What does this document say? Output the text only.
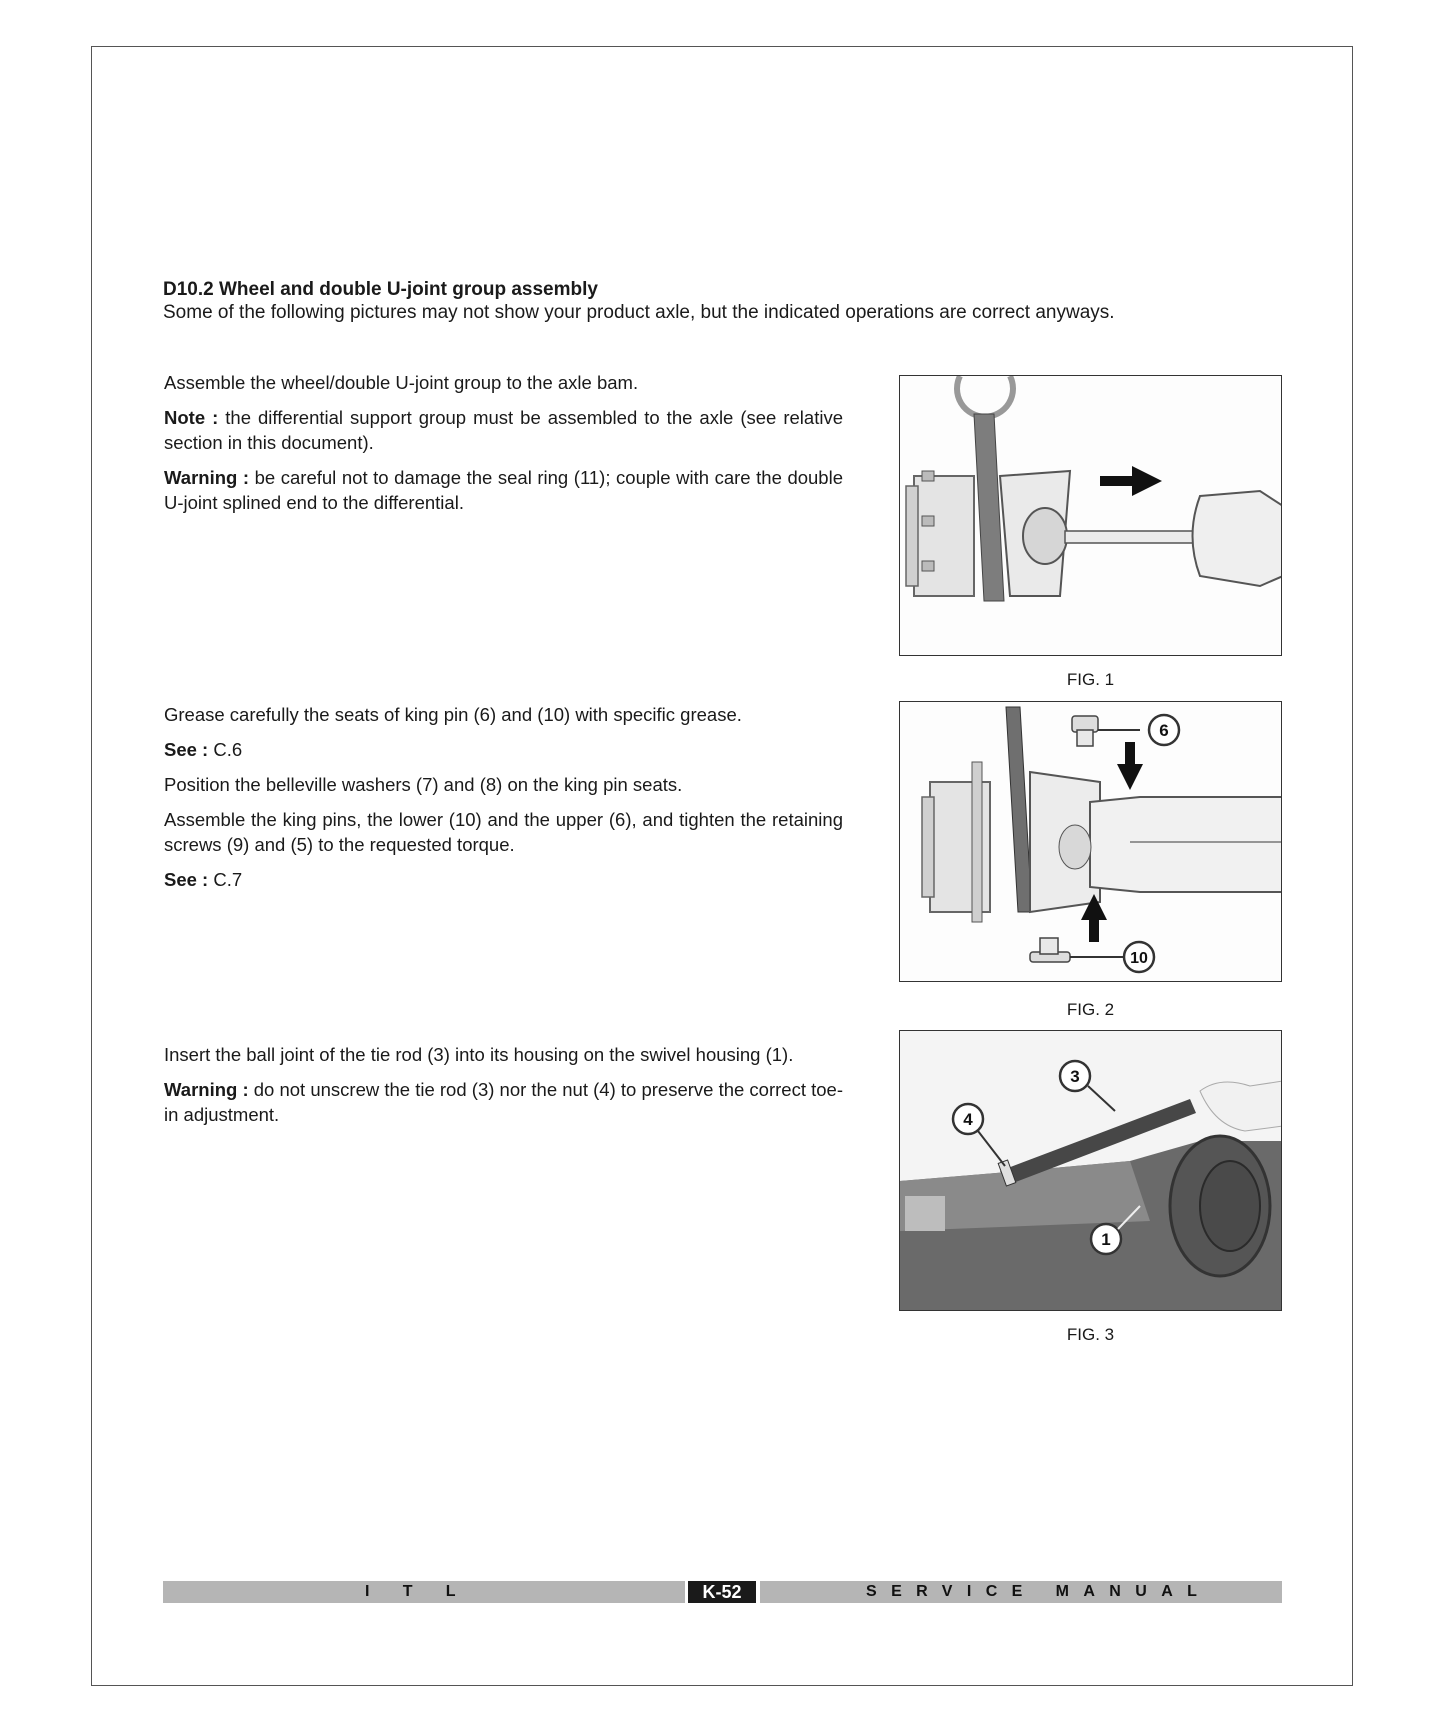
D10.2 Wheel and double U-joint group assembly

Some of the following pictures may not show your product axle, but the indicated operations are correct anyways.

Assemble the wheel/double U-joint group to the axle bam.

Note : the differential support group must be assembled to the axle (see relative section in this document).

Warning : be careful not to damage the seal ring (11); couple with care the double U-joint splined end to the differential.

FIG. 1

Grease carefully the seats of king pin (6) and (10) with specific grease.

See : C.6

Position the belleville washers (7) and (8) on the king pin seats.

Assemble the king pins, the lower (10) and the upper (6), and tighten the retaining screws (9) and (5) to the requested torque.

See : C.7

6
10

FIG. 2

Insert the ball joint of the tie rod (3) into its housing on the swivel housing (1).

Warning : do not unscrew the tie rod (3) nor the nut (4) to preserve the correct toe-in adjustment.

3
4
1

FIG. 3

I T L	K-52	SERVICE MANUAL
